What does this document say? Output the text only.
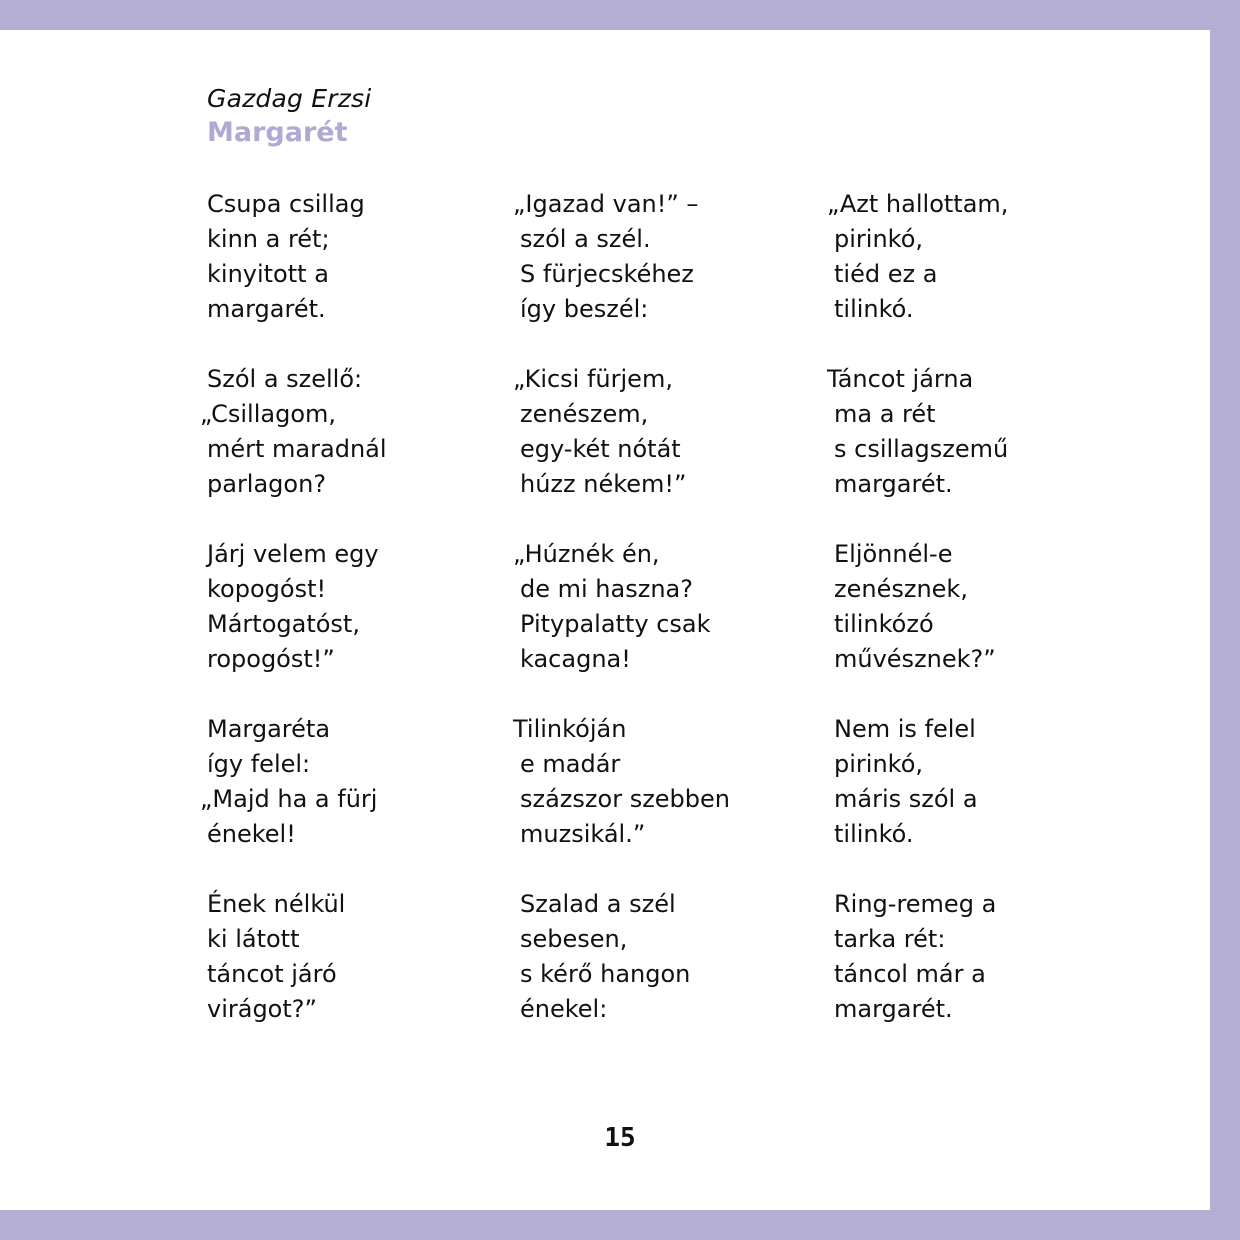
Gazdag Erzsi
Margarét
Csupa csillag
kinn a rét;
kinyitott a
margarét.
Szól a szellő:
„Csillagom,
mért maradnál
parlagon?
Járj velem egy
kopogóst!
Mártogatóst,
ropogóst!”
Margaréta
így felel:
„Majd ha a fürj
énekel!
Ének nélkül
ki látott
táncot járó
virágot?”
„Igazad van!” –
szól a szél.
S fürjecskéhez
így beszél:
„Kicsi fürjem,
zenészem,
egy-két nótát
húzz nékem!”
„Húznék én,
de mi haszna?
Pitypalatty csak
kacagna!
Tilinkóján
e madár
százszor szebben
muzsikál.”
Szalad a szél
sebesen,
s kérő hangon
énekel:
„Azt hallottam,
pirinkó,
tiéd ez a
tilinkó.
Táncot járna
ma a rét
s csillagszemű
margarét.
Eljönnél-e
zenésznek,
tilinkózó
művésznek?”
Nem is felel
pirinkó,
máris szól a
tilinkó.
Ring-remeg a
tarka rét:
táncol már a
margarét.
15
